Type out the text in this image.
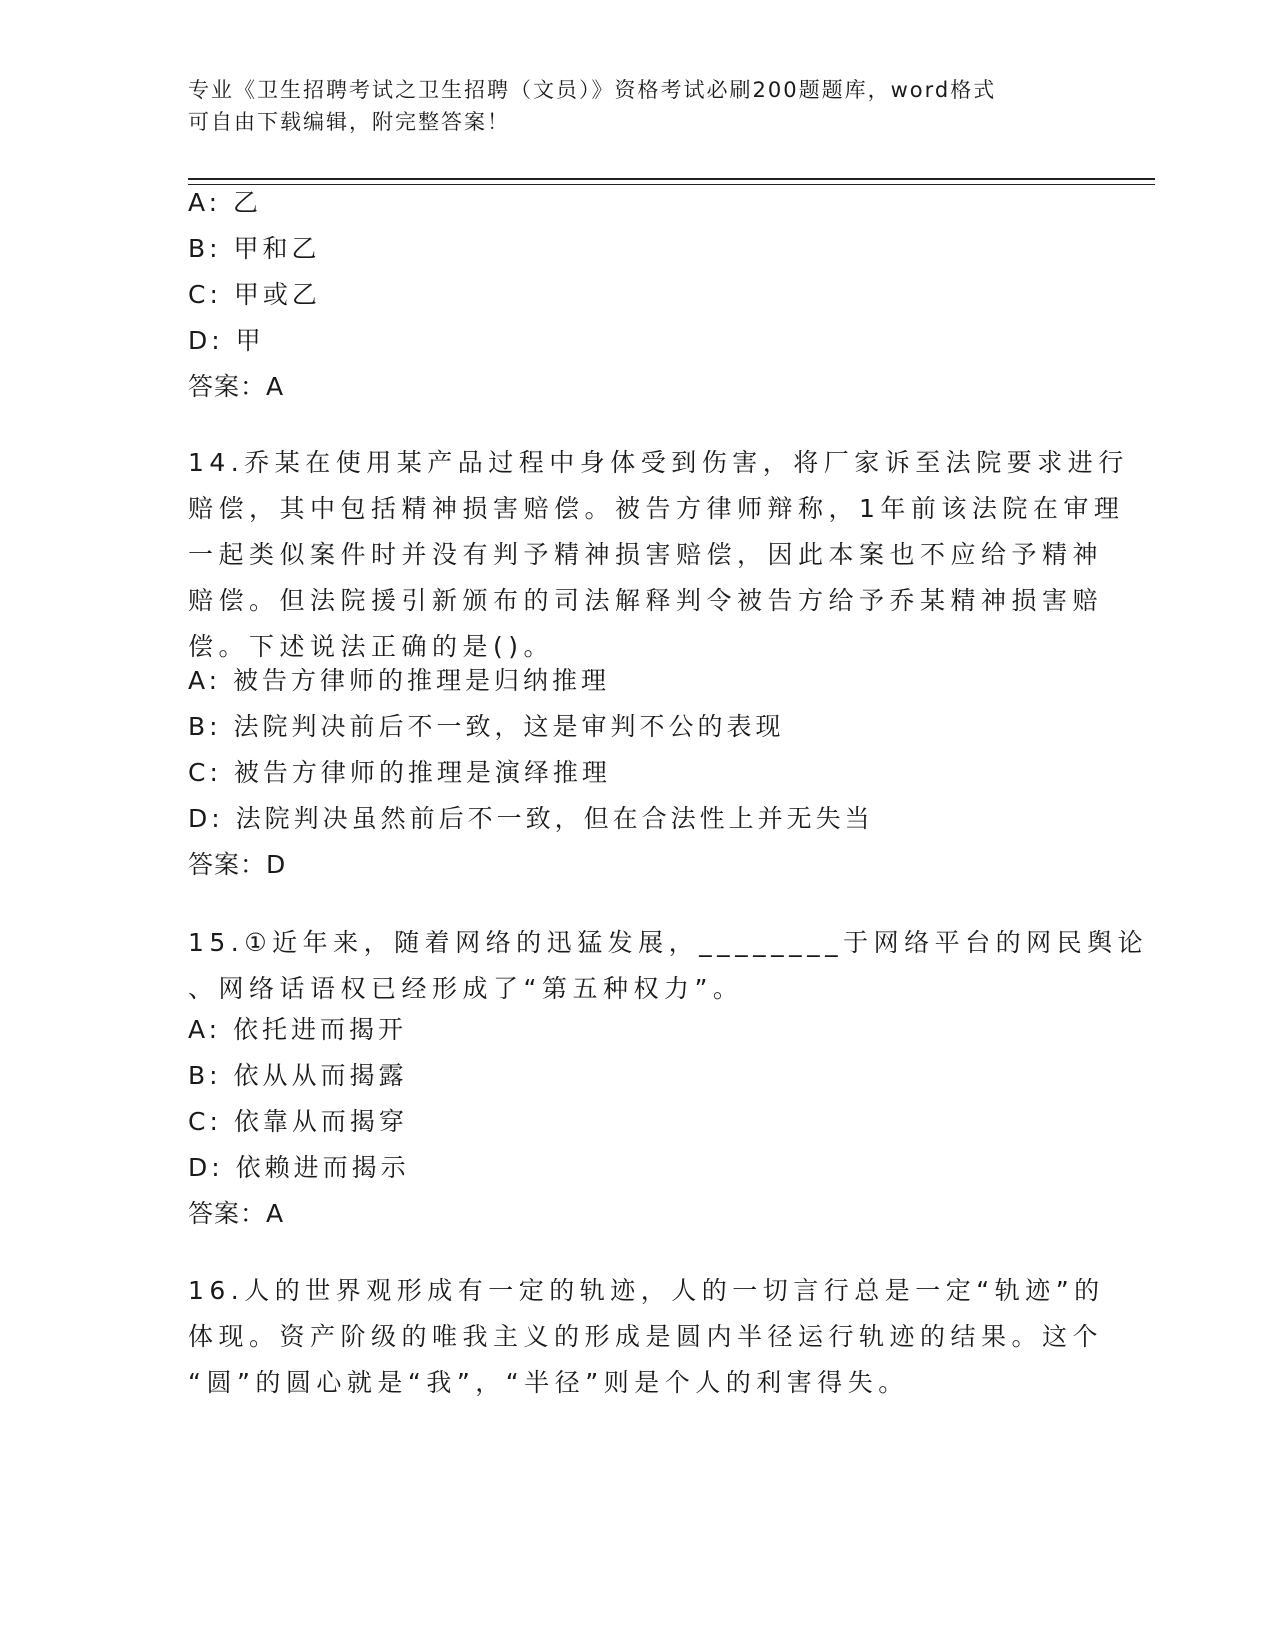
专业《卫生招聘考试之卫生招聘（文员）》资格考试必刷200题题库，word格式
可自由下载编辑，附完整答案！
A: 乙
B: 甲和乙
C: 甲或乙
D: 甲
答案：A
14.乔某在使用某产品过程中身体受到伤害，将厂家诉至法院要求进行
赔偿，其中包括精神损害赔偿。被告方律师辩称，1年前该法院在审理
一起类似案件时并没有判予精神损害赔偿，因此本案也不应给予精神
赔偿。但法院援引新颁布的司法解释判令被告方给予乔某精神损害赔
偿。下述说法正确的是()。
A: 被告方律师的推理是归纳推理
B: 法院判决前后不一致，这是审判不公的表现
C: 被告方律师的推理是演绎推理
D: 法院判决虽然前后不一致，但在合法性上并无失当
答案：D
15.①近年来，随着网络的迅猛发展，________于网络平台的网民舆论
、网络话语权已经形成了“第五种权力”。
A: 依托进而揭开
B: 依从从而揭露
C: 依靠从而揭穿
D: 依赖进而揭示
答案：A
16.人的世界观形成有一定的轨迹，人的一切言行总是一定“轨迹”的
体现。资产阶级的唯我主义的形成是圆内半径运行轨迹的结果。这个
“圆”的圆心就是“我”，“半径”则是个人的利害得失。
